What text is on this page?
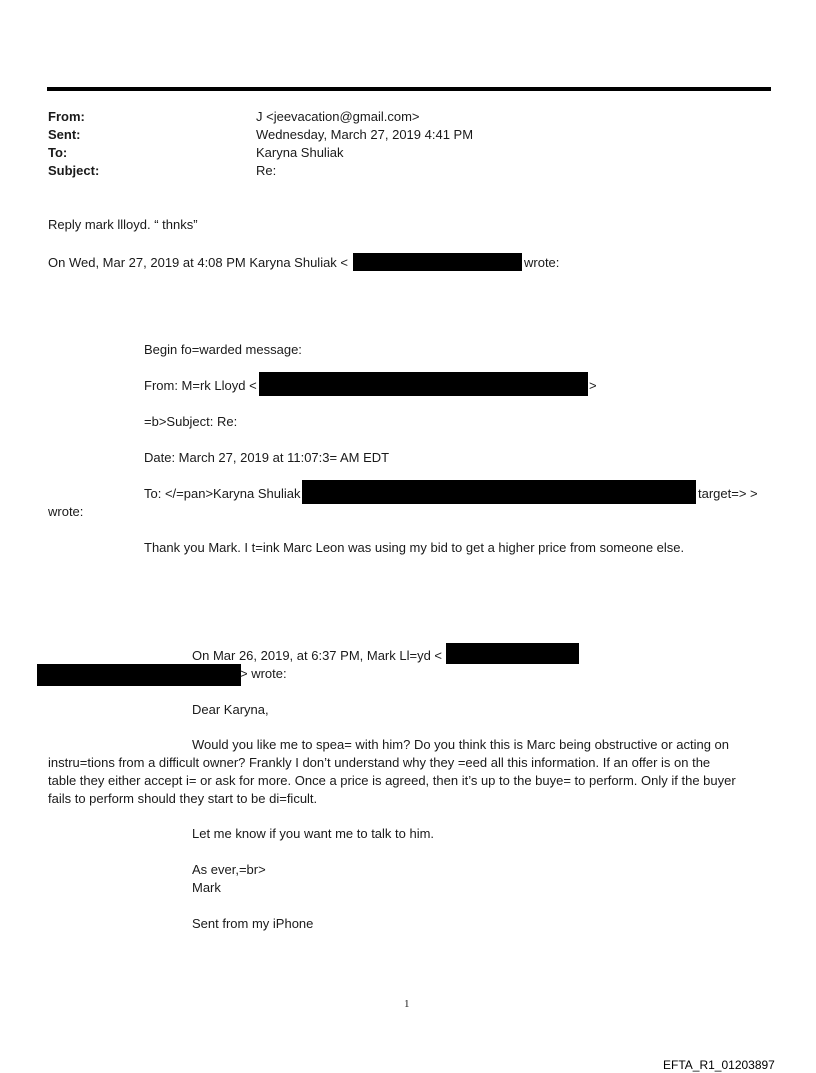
From:	J <jeevacation@gmail.com>
Sent:	Wednesday, March 27, 2019 4:41 PM
To:	Karyna Shuliak
Subject:	Re:
Reply mark llloyd. “ thnks”
On Wed, Mar 27, 2019 at 4:08 PM Karyna Shuliak <	wrote:
Begin fo=warded message:
From: M=rk Lloyd <	>
=b>Subject: Re:
Date: March 27, 2019 at 11:07:3= AM EDT
To: </=pan>Karyna Shuliak	target=> >
wrote:
Thank you Mark. I t=ink Marc Leon was using my bid to get a higher price from someone else.
On Mar 26, 2019, at 6:37 PM, Mark Ll=yd <
> wrote:
Dear Karyna,
Would you like me to spea= with him? Do you think this is Marc being obstructive or acting on
instru=tions from a difficult owner? Frankly I don’t understand why they =eed all this information. If an offer is on the
table they either accept i= or ask for more. Once a price is agreed, then it’s up to the buye= to perform. Only if the buyer
fails to perform should they start to be di=ficult.
Let me know if you want me to talk to him.
As ever,=br>
Mark
Sent from my iPhone
1
EFTA_R1_01203897
